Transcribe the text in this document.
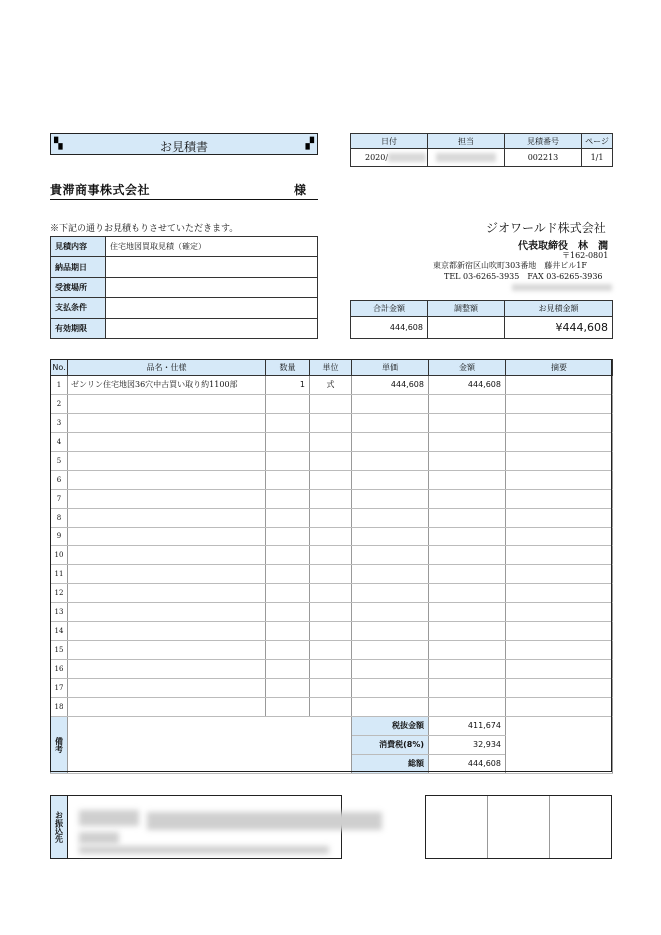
▚	お見積書	▞	日付	担当	見積番号	ページ
2020/		002213	1/1
貴滞商事株式会社	様
※下記の通りお見積もりさせていただきます。
見積内容	住宅地図買取見積（確定）
納品期日	
受渡場所	
支払条件	
有効期限	
ジオワールド株式会社
代表取締役　林　潤
〒162-0801
東京都新宿区山吹町303番地　藤井ビル1F
TEL 03-6265-3935　FAX 03-6265-3936
合計金額	調整額	お見積金額
444,608		¥444,608
No.	品名・仕様	数量	単位	単価	金額	摘要
1	ゼンリン住宅地図36穴中古買い取り約1100部	1	式	444,608	444,608	
2						
3						
4						
5						
6						
7						
8						
9						
10						
11						
12						
13						
14						
15						
16						
17						
18						
備考				税抜金額	411,674	
				消費税(8%)	32,934	
				総額	444,608	
お振込先
